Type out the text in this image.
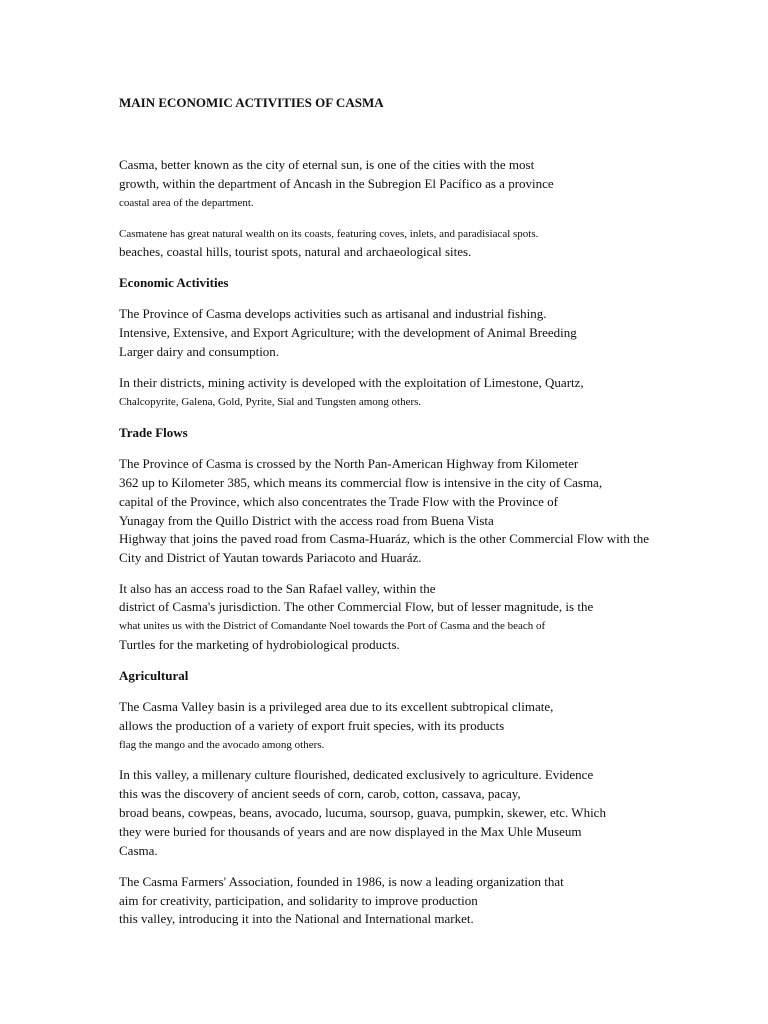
MAIN ECONOMIC ACTIVITIES OF CASMA
Casma, better known as the city of eternal sun, is one of the cities with the most
growth, within the department of Ancash in the Subregion El Pacífico as a province
coastal area of the department.
Casmatene has great natural wealth on its coasts, featuring coves, inlets, and paradisiacal spots.
beaches, coastal hills, tourist spots, natural and archaeological sites.
Economic Activities
The Province of Casma develops activities such as artisanal and industrial fishing.
Intensive, Extensive, and Export Agriculture; with the development of Animal Breeding
Larger dairy and consumption.
In their districts, mining activity is developed with the exploitation of Limestone, Quartz,
Chalcopyrite, Galena, Gold, Pyrite, Sial and Tungsten among others.
Trade Flows
The Province of Casma is crossed by the North Pan-American Highway from Kilometer
362 up to Kilometer 385, which means its commercial flow is intensive in the city of Casma,
capital of the Province, which also concentrates the Trade Flow with the Province of
Yunagay from the Quillo District with the access road from Buena Vista
Highway that joins the paved road from Casma-Huaráz, which is the other Commercial Flow with the
City and District of Yautan towards Pariacoto and Huaráz.
It also has an access road to the San Rafael valley, within the
district of Casma's jurisdiction. The other Commercial Flow, but of lesser magnitude, is the
what unites us with the District of Comandante Noel towards the Port of Casma and the beach of
Turtles for the marketing of hydrobiological products.
Agricultural
The Casma Valley basin is a privileged area due to its excellent subtropical climate,
allows the production of a variety of export fruit species, with its products
flag the mango and the avocado among others.
In this valley, a millenary culture flourished, dedicated exclusively to agriculture. Evidence
this was the discovery of ancient seeds of corn, carob, cotton, cassava, pacay,
broad beans, cowpeas, beans, avocado, lucuma, soursop, guava, pumpkin, skewer, etc. Which
they were buried for thousands of years and are now displayed in the Max Uhle Museum
Casma.
The Casma Farmers' Association, founded in 1986, is now a leading organization that
aim for creativity, participation, and solidarity to improve production
this valley, introducing it into the National and International market.
